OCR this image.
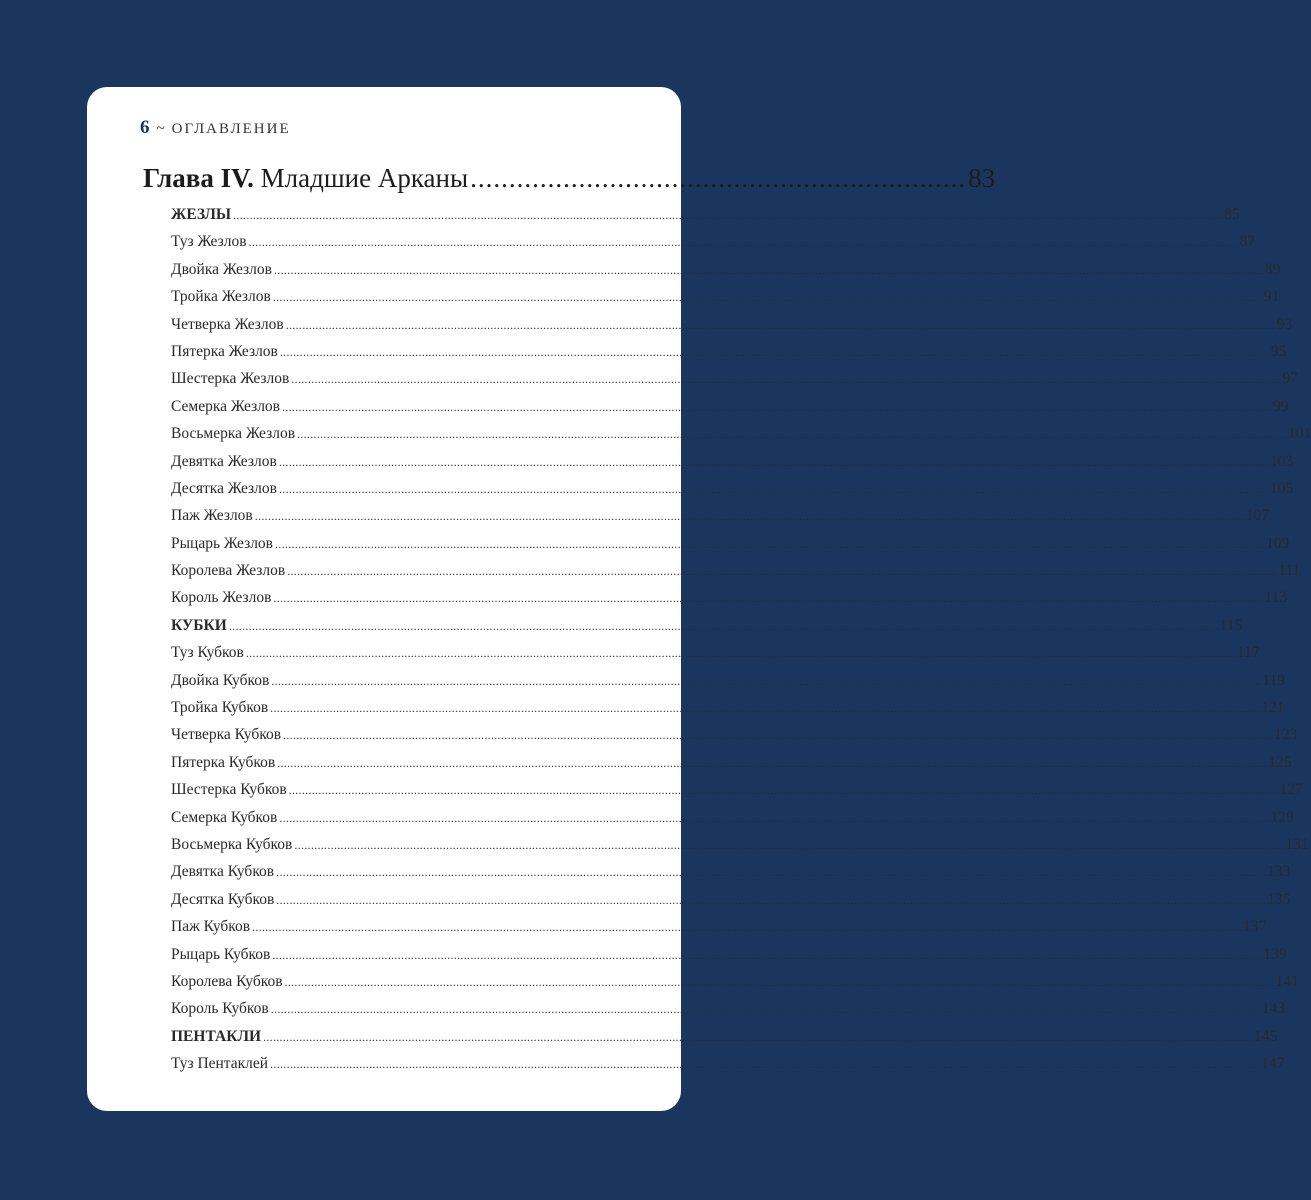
6 ~ ОГЛАВЛЕНИЕ
Глава IV.
Младшие Арканы ................................................................ 83
ЖЕЗЛЫ ............................................................................................................................................................................................................................................................................................................ 85
Туз Жезлов ............................................................................................................................................................................................................................................................................................................ 87
Двойка Жезлов ............................................................................................................................................................................................................................................................................................................ 89
Тройка Жезлов ............................................................................................................................................................................................................................................................................................................ 91
Четверка Жезлов ............................................................................................................................................................................................................................................................................................................ 93
Пятерка Жезлов ............................................................................................................................................................................................................................................................................................................ 95
Шестерка Жезлов ............................................................................................................................................................................................................................................................................................................ 97
Семерка Жезлов ............................................................................................................................................................................................................................................................................................................ 99
Восьмерка Жезлов ............................................................................................................................................................................................................................................................................................................ 101
Девятка Жезлов ............................................................................................................................................................................................................................................................................................................ 103
Десятка Жезлов ............................................................................................................................................................................................................................................................................................................ 105
Паж Жезлов ............................................................................................................................................................................................................................................................................................................ 107
Рыцарь Жезлов ............................................................................................................................................................................................................................................................................................................ 109
Королева Жезлов ............................................................................................................................................................................................................................................................................................................ 111
Король Жезлов ............................................................................................................................................................................................................................................................................................................ 113
КУБКИ ............................................................................................................................................................................................................................................................................................................ 115
Туз Кубков ............................................................................................................................................................................................................................................................................................................ 117
Двойка Кубков ............................................................................................................................................................................................................................................................................................................ 119
Тройка Кубков ............................................................................................................................................................................................................................................................................................................ 121
Четверка Кубков ............................................................................................................................................................................................................................................................................................................ 123
Пятерка Кубков ............................................................................................................................................................................................................................................................................................................ 125
Шестерка Кубков ............................................................................................................................................................................................................................................................................................................ 127
Семерка Кубков ............................................................................................................................................................................................................................................................................................................ 129
Восьмерка Кубков ............................................................................................................................................................................................................................................................................................................ 131
Девятка Кубков ............................................................................................................................................................................................................................................................................................................ 133
Десятка Кубков ............................................................................................................................................................................................................................................................................................................ 135
Паж Кубков ............................................................................................................................................................................................................................................................................................................ 137
Рыцарь Кубков ............................................................................................................................................................................................................................................................................................................ 139
Королева Кубков ............................................................................................................................................................................................................................................................................................................ 141
Король Кубков ............................................................................................................................................................................................................................................................................................................ 143
ПЕНТАКЛИ ............................................................................................................................................................................................................................................................................................................ 145
Туз Пентаклей ............................................................................................................................................................................................................................................................................................................ 147
